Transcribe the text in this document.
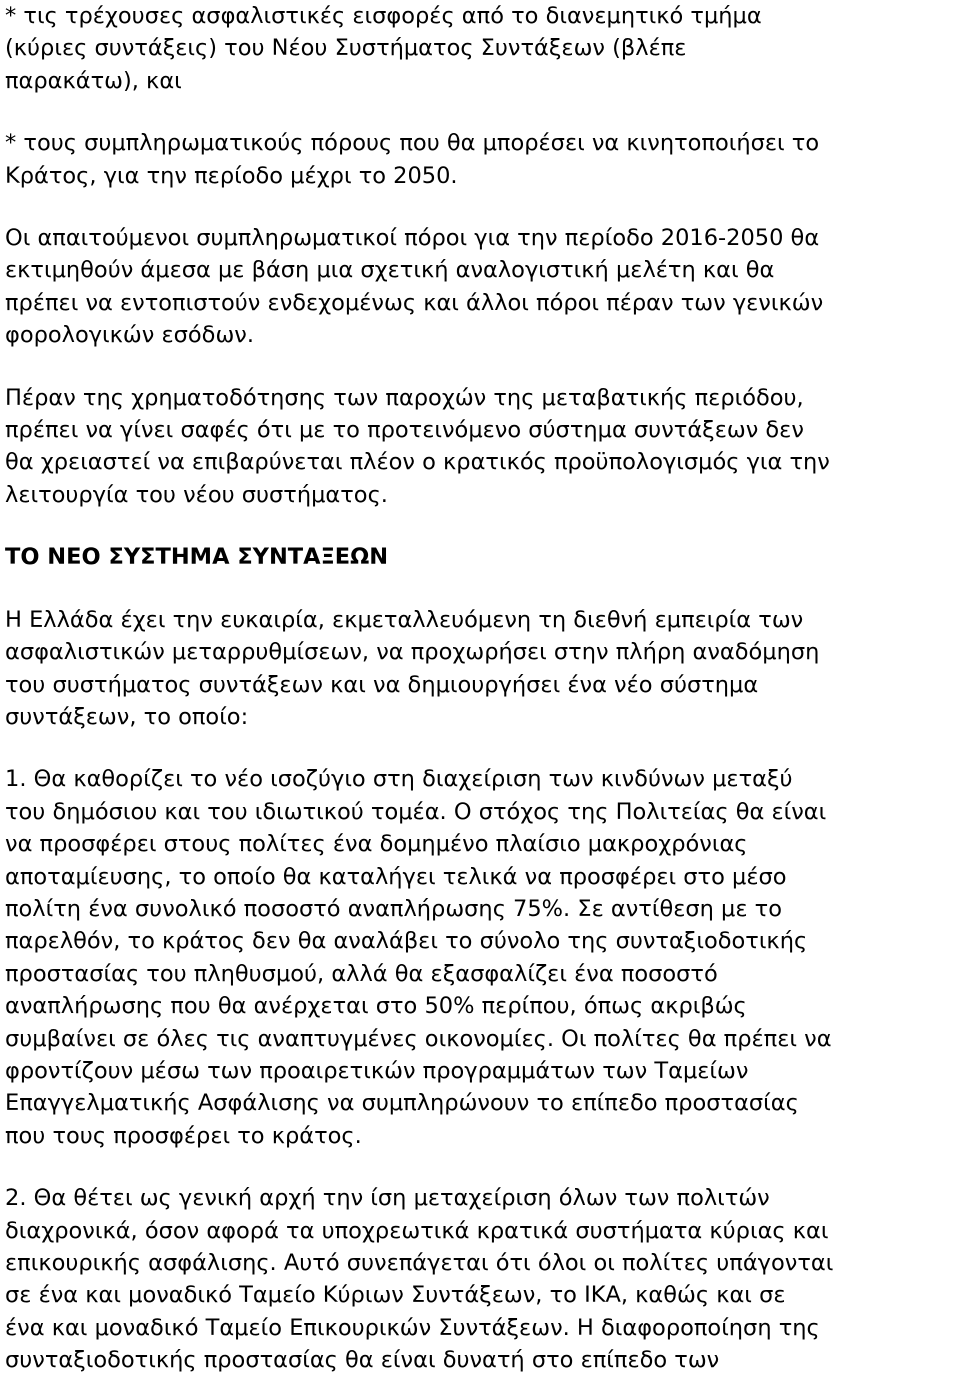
* τις τρέχουσες ασφαλιστικές εισφορές από το διανεμητικό τμήμα
(κύριες συντάξεις) του Νέου Συστήματος Συντάξεων (βλέπε
παρακάτω), και

* τους συμπληρωματικούς πόρους που θα μπορέσει να κινητοποιήσει το
Κράτος, για την περίοδο μέχρι το 2050.

Οι απαιτούμενοι συμπληρωματικοί πόροι για την περίοδο 2016-2050 θα
εκτιμηθούν άμεσα με βάση μια σχετική αναλογιστική μελέτη και θα
πρέπει να εντοπιστούν ενδεχομένως και άλλοι πόροι πέραν των γενικών
φορολογικών εσόδων.

Πέραν της χρηματοδότησης των παροχών της μεταβατικής περιόδου,
πρέπει να γίνει σαφές ότι με το προτεινόμενο σύστημα συντάξεων δεν
θα χρειαστεί να επιβαρύνεται πλέον ο κρατικός προϋπολογισμός για την
λειτουργία του νέου συστήματος.

ΤΟ ΝΕΟ ΣΥΣΤΗΜΑ ΣΥΝΤΑΞΕΩΝ

Η Ελλάδα έχει την ευκαιρία, εκμεταλλευόμενη τη διεθνή εμπειρία των
ασφαλιστικών μεταρρυθμίσεων, να προχωρήσει στην πλήρη αναδόμηση
του συστήματος συντάξεων και να δημιουργήσει ένα νέο σύστημα
συντάξεων, το οποίο:

1. Θα καθορίζει το νέο ισοζύγιο στη διαχείριση των κινδύνων μεταξύ
του δημόσιου και του ιδιωτικού τομέα. Ο στόχος της Πολιτείας θα είναι
να προσφέρει στους πολίτες ένα δομημένο πλαίσιο μακροχρόνιας
αποταμίευσης, το οποίο θα καταλήγει τελικά να προσφέρει στο μέσο
πολίτη ένα συνολικό ποσοστό αναπλήρωσης 75%. Σε αντίθεση με το
παρελθόν, το κράτος δεν θα αναλάβει το σύνολο της συνταξιοδοτικής
προστασίας του πληθυσμού, αλλά θα εξασφαλίζει ένα ποσοστό
αναπλήρωσης που θα ανέρχεται στο 50% περίπου, όπως ακριβώς
συμβαίνει σε όλες τις αναπτυγμένες οικονομίες. Οι πολίτες θα πρέπει να
φροντίζουν μέσω των προαιρετικών προγραμμάτων των Ταμείων
Επαγγελματικής Ασφάλισης να συμπληρώνουν το επίπεδο προστασίας
που τους προσφέρει το κράτος.

2. Θα θέτει ως γενική αρχή την ίση μεταχείριση όλων των πολιτών
διαχρονικά, όσον αφορά τα υποχρεωτικά κρατικά συστήματα κύριας και
επικουρικής ασφάλισης. Αυτό συνεπάγεται ότι όλοι οι πολίτες υπάγονται
σε ένα και μοναδικό Ταμείο Κύριων Συντάξεων, το ΙΚΑ, καθώς και σε
ένα και μοναδικό Ταμείο Επικουρικών Συντάξεων. Η διαφοροποίηση της
συνταξιοδοτικής προστασίας θα είναι δυνατή στο επίπεδο των
